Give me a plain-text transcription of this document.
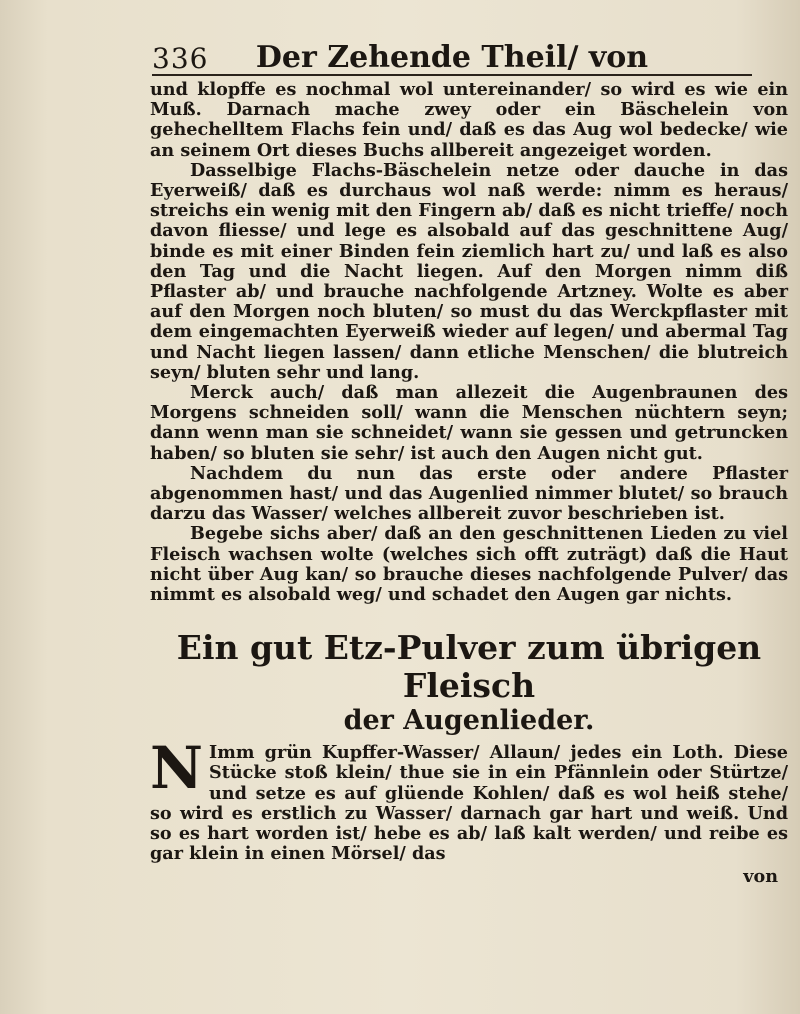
336	Der Zehende Theil/ von

und klopffe es nochmal wol untereinander/ so wird es wie ein Muß. Darnach mache zwey oder ein Bäschelein von gehechelltem Flachs fein und/ daß es das Aug wol bedecke/ wie an seinem Ort dieses Buchs allbereit angezeiget worden.

Dasselbige Flachs-Bäschelein netze oder dauche in das Eyerweiß/ daß es durchaus wol naß werde: nimm es heraus/ streichs ein wenig mit den Fingern ab/ daß es nicht trieffe/ noch davon fliesse/ und lege es alsobald auf das geschnittene Aug/ binde es mit einer Binden fein ziemlich hart zu/ und laß es also den Tag und die Nacht liegen. Auf den Morgen nimm diß Pflaster ab/ und brauche nachfolgende Artzney. Wolte es aber auf den Morgen noch bluten/ so must du das Werckpflaster mit dem eingemachten Eyerweiß wieder auf legen/ und abermal Tag und Nacht liegen lassen/ dann etliche Menschen/ die blutreich seyn/ bluten sehr und lang.

Merck auch/ daß man allezeit die Augenbraunen des Morgens schneiden soll/ wann die Menschen nüchtern seyn; dann wenn man sie schneidet/ wann sie gessen und getruncken haben/ so bluten sie sehr/ ist auch den Augen nicht gut.

Nachdem du nun das erste oder andere Pflaster abgenommen hast/ und das Augenlied nimmer blutet/ so brauch darzu das Wasser/ welches allbereit zuvor beschrieben ist.

Begebe sichs aber/ daß an den geschnittenen Lieden zu viel Fleisch wachsen wolte (welches sich offt zuträgt) daß die Haut nicht über Aug kan/ so brauche dieses nachfolgende Pulver/ das nimmt es alsobald weg/ und schadet den Augen gar nichts.

Ein gut Etz-Pulver zum übrigen Fleisch
der Augenlieder.

N Imm grün Kupffer-Wasser/ Allaun/ jedes ein Loth. Diese Stücke stoß klein/ thue sie in ein Pfännlein oder Stürtze/ und setze es auf glüende Kohlen/ daß es wol heiß stehe/ so wird es erstlich zu Wasser/ darnach gar hart und weiß. Und so es hart worden ist/ hebe es ab/ laß kalt werden/ und reibe es gar klein in einen Mörsel/ das

von
